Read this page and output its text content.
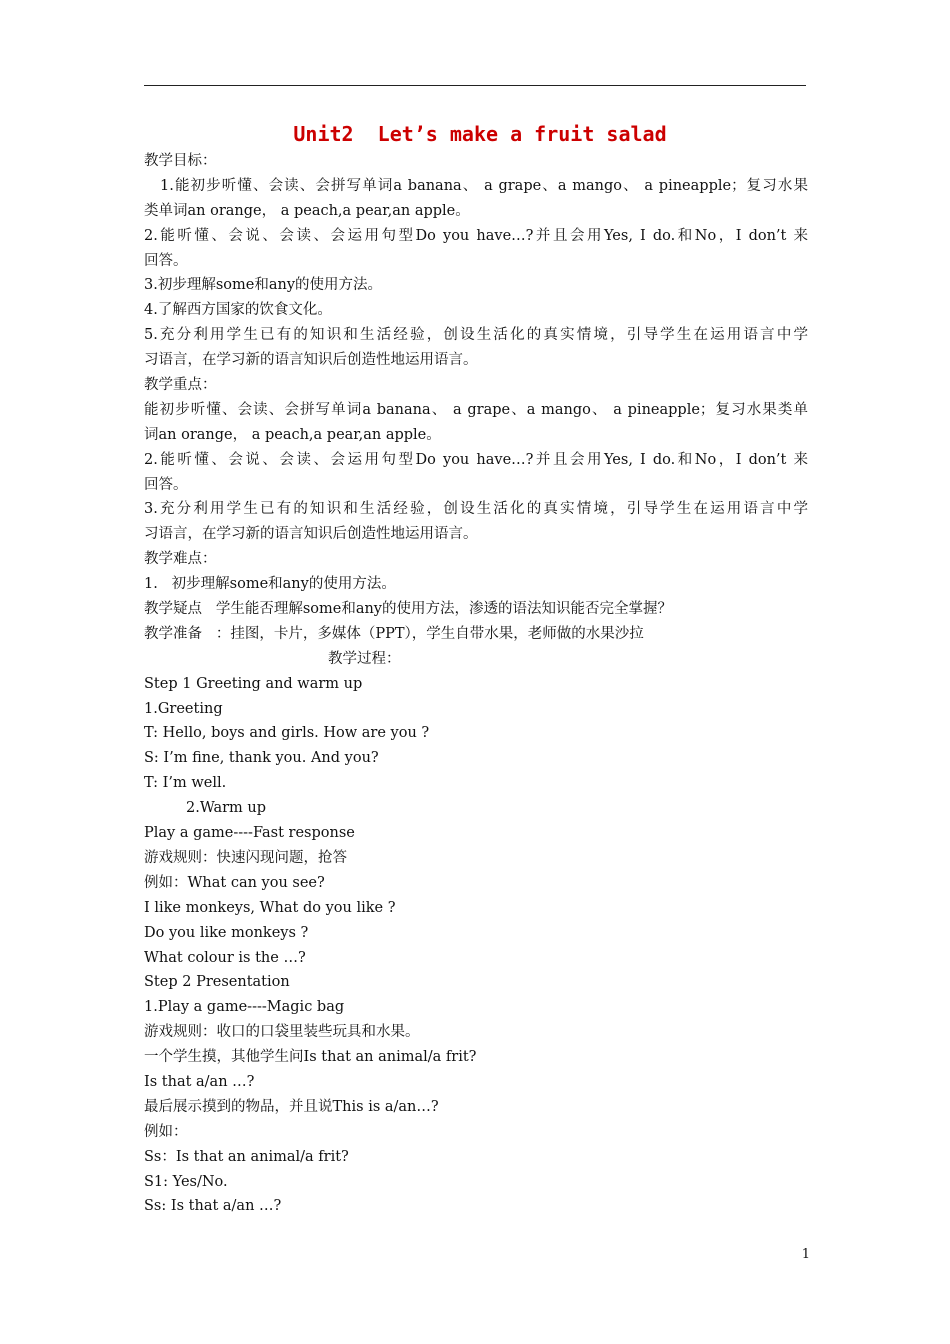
Unit2  Let’s make a fruit salad
教学目标：
1.能初步听懂、会读、会拼写单词a banana、 a grape、a mango、 a pineapple；复习水果
类单词an orange， a peach,a pear,an apple。
2.能听懂、会说、会读、会运用句型Do you have…?并且会用Yes, I do.和No，I don’t 来
回答。
3.初步理解some和any的使用方法。
4.了解西方国家的饮食文化。
5.充分利用学生已有的知识和生活经验，创设生活化的真实情境，引导学生在运用语言中学
习语言，在学习新的语言知识后创造性地运用语言。
教学重点：
能初步听懂、会读、会拼写单词a banana、 a grape、a mango、 a pineapple；复习水果类单
词an orange， a peach,a pear,an apple。
2.能听懂、会说、会读、会运用句型Do you have…?并且会用Yes, I do.和No，I don’t 来
回答。
3.充分利用学生已有的知识和生活经验，创设生活化的真实情境，引导学生在运用语言中学
习语言，在学习新的语言知识后创造性地运用语言。
教学难点：
1.   初步理解some和any的使用方法。
教学疑点   学生能否理解some和any的使用方法，渗透的语法知识能否完全掌握？
教学准备   ：挂图，卡片，多媒体（PPT），学生自带水果，老师做的水果沙拉
教学过程：
Step 1 Greeting and warm up
1.Greeting
T: Hello, boys and girls. How are you ?
S: I’m fine, thank you. And you?
T: I’m well.
2.Warm up
Play a game----Fast response
游戏规则：快速闪现问题，抢答
例如：What can you see?
I like monkeys, What do you like ?
Do you like monkeys ?
What colour is the …?
Step 2 Presentation
1.Play a game----Magic bag
游戏规则：收口的口袋里装些玩具和水果。
一个学生摸，其他学生问Is that an animal/a frit?
Is that a/an …?
最后展示摸到的物品，并且说This is a/an…?
例如：
Ss：Is that an animal/a frit?
S1: Yes/No.
Ss: Is that a/an …?
1
